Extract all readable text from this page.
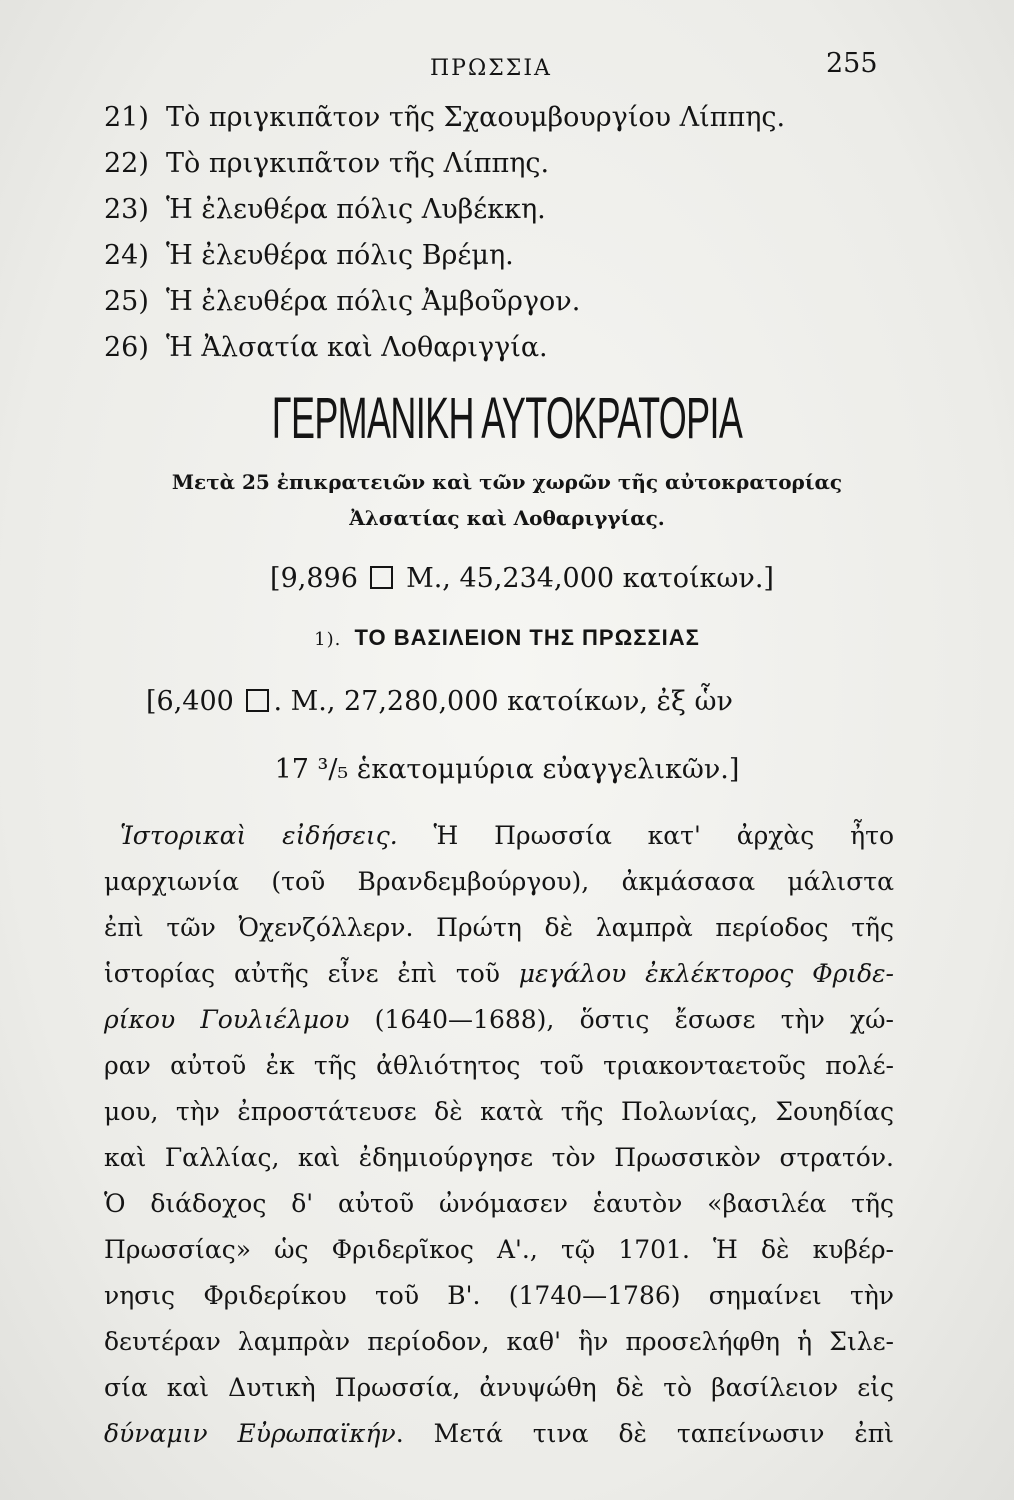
ΠΡΩΣΣΙΑ	255
21) Τὸ πριγκιπᾶτον τῆς Σχαουμβουργίου Λίππης.
22) Τὸ πριγκιπᾶτον τῆς Λίππης.
23) Ἡ ἐλευθέρα πόλις Λυβέκκη.
24) Ἡ ἐλευθέρα πόλις Βρέμη.
25) Ἡ ἐλευθέρα πόλις Ἀμβοῦργον.
26) Ἡ Ἀλσατία καὶ Λοθαριγγία.
ΓΕΡΜΑΝΙΚΗ ΑΥΤΟΚΡΑΤΟΡΙΑ
Μετὰ 25 ἐπικρατειῶν καὶ τῶν χωρῶν τῆς αὐτοκρατορίας
Ἀλσατίας καὶ Λοθαριγγίας.
[9,896 Μ., 45,234,000 κατοίκων.]
1). ΤΟ ΒΑΣΙΛΕΙΟΝ ΤΗΣ ΠΡΩΣΣΙΑΣ
[6,400 . Μ., 27,280,000 κατοίκων, ἐξ ὧν
17 ³/₅ ἑκατομμύρια εὐαγγελικῶν.]
Ἱστορικαὶ εἰδήσεις. Ἡ Πρωσσία κατ' ἀρχὰς ἦτο
μαρχιωνία (τοῦ Βρανδεμβούργου), ἀκμάσασα μάλιστα
ἐπὶ τῶν Ὀχενζόλλερν. Πρώτη δὲ λαμπρὰ περίοδος τῆς
ἱστορίας αὐτῆς εἶνε ἐπὶ τοῦ μεγάλου ἐκλέκτορος Φριδε-
ρίκου Γουλιέλμου (1640—1688), ὅστις ἔσωσε τὴν χώ-
ραν αὐτοῦ ἐκ τῆς ἀθλιότητος τοῦ τριακονταετοῦς πολέ-
μου, τὴν ἐπροστάτευσε δὲ κατὰ τῆς Πολωνίας, Σουηδίας
καὶ Γαλλίας, καὶ ἐδημιούργησε τὸν Πρωσσικὸν στρατόν.
Ὁ διάδοχος δ' αὐτοῦ ὠνόμασεν ἑαυτὸν «βασιλέα τῆς
Πρωσσίας» ὡς Φριδερῖκος Α'., τῷ 1701. Ἡ δὲ κυβέρ-
νησις Φριδερίκου τοῦ Β'. (1740—1786) σημαίνει τὴν
δευτέραν λαμπρὰν περίοδον, καθ' ἣν προσελήφθη ἡ Σιλε-
σία καὶ Δυτικὴ Πρωσσία, ἀνυψώθη δὲ τὸ βασίλειον εἰς
δύναμιν Εὐρωπαϊκήν. Μετά τινα δὲ ταπείνωσιν ἐπὶ
